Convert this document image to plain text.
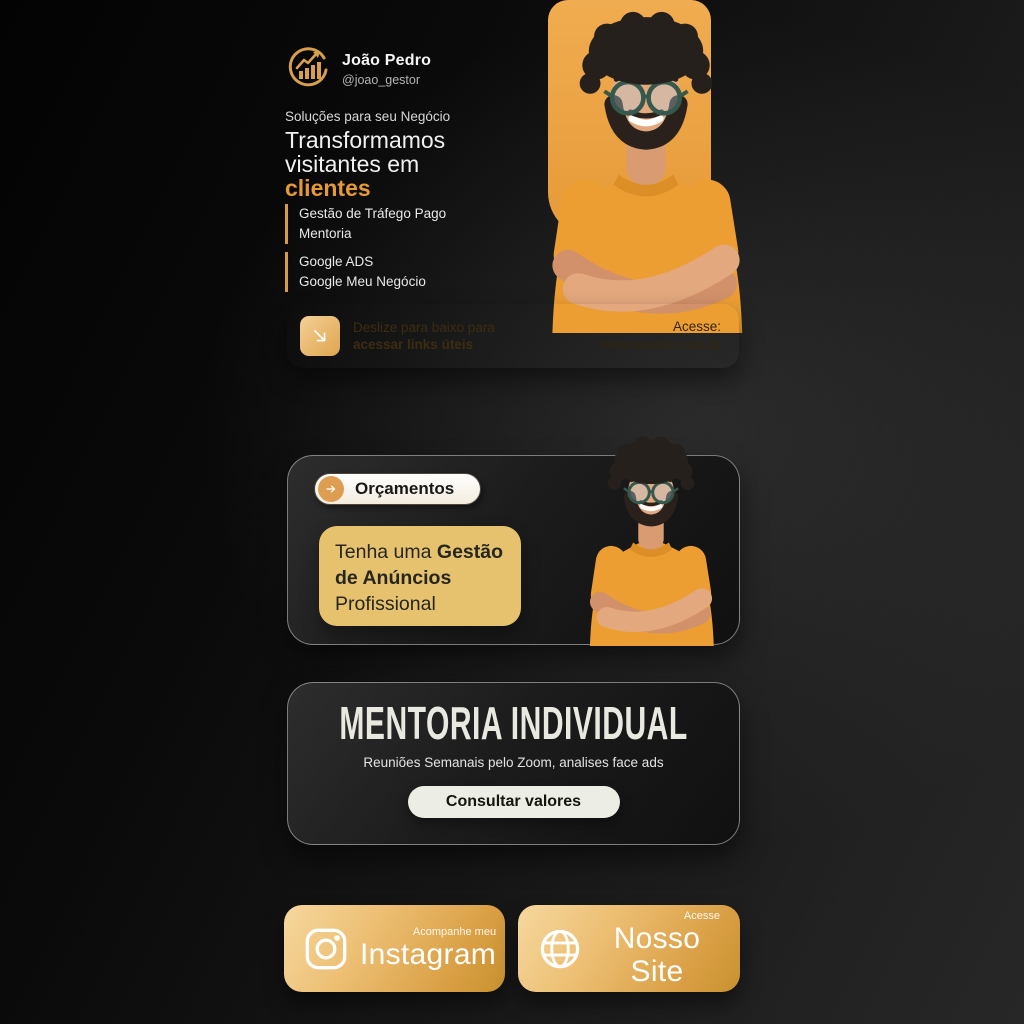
João Pedro
@joao_gestor
Soluções para seu Negócio
Transformamos
visitantes em
clientes
Gestão de Tráfego Pago
Mentoria
Google ADS
Google Meu Negócio
Deslize para baixo para
acessar links úteis
Acesse:
www.seusite.com.br
Orçamentos
Tenha uma Gestão
de Anúncios
Profissional
MENTORIA INDIVIDUAL
Reuniões Semanais pelo Zoom, analises face ads
Consultar valores
Acompanhe meu
Instagram
Acesse
Nosso Site
